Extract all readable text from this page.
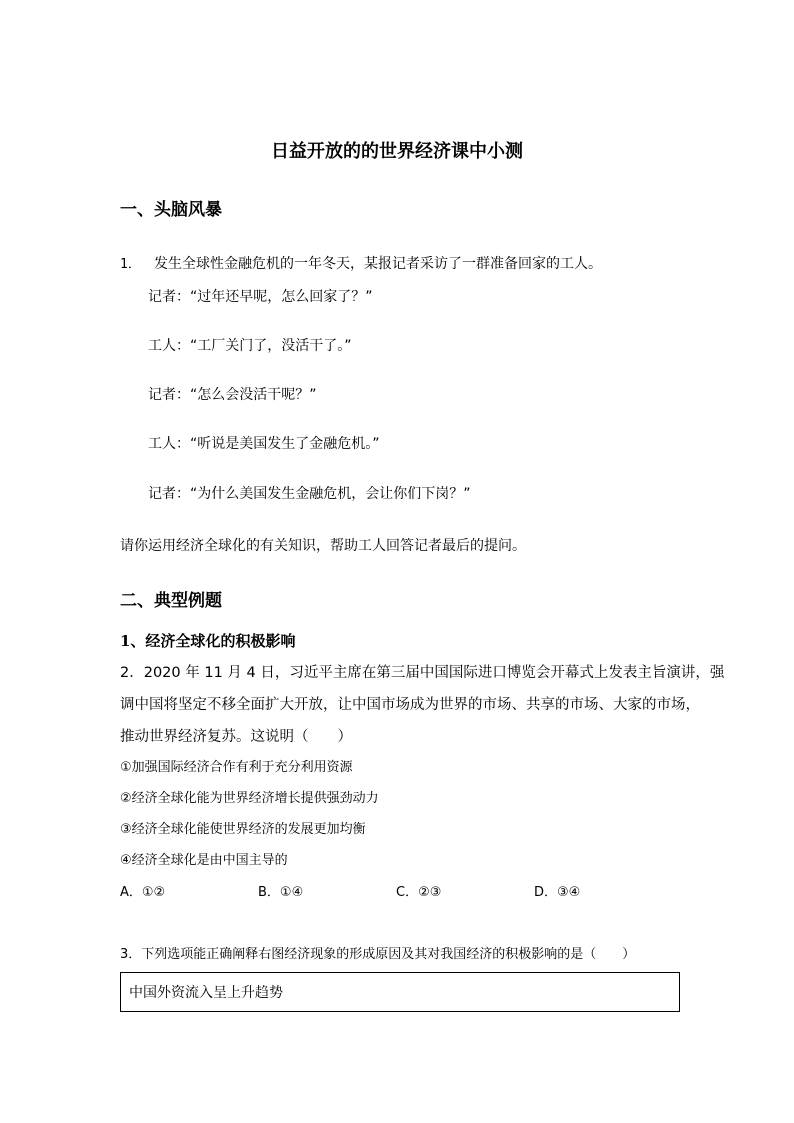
日益开放的的世界经济课中小测
一、头脑风暴
1． 发生全球性金融危机的一年冬天，某报记者采访了一群准备回家的工人。
记者：“过年还早呢，怎么回家了？”
工人：“工厂关门了，没活干了。”
记者：“怎么会没活干呢？”
工人：“听说是美国发生了金融危机。”
记者：“为什么美国发生金融危机，会让你们下岗？”
请你运用经济全球化的有关知识，帮助工人回答记者最后的提问。
二、典型例题
1、经济全球化的积极影响
2．2020 年 11 月 4 日，习近平主席在第三届中国国际进口博览会开幕式上发表主旨演讲，强
调中国将坚定不移全面扩大开放，让中国市场成为世界的市场、共享的市场、大家的市场，
推动世界经济复苏。这说明（　　）
①加强国际经济合作有利于充分利用资源
②经济全球化能为世界经济增长提供强劲动力
③经济全球化能使世界经济的发展更加均衡
④经济全球化是由中国主导的
A．①②	B．①④	C．②③	D．③④
3．下列选项能正确阐释右图经济现象的形成原因及其对我国经济的积极影响的是（　　）
中国外资流入呈上升趋势
